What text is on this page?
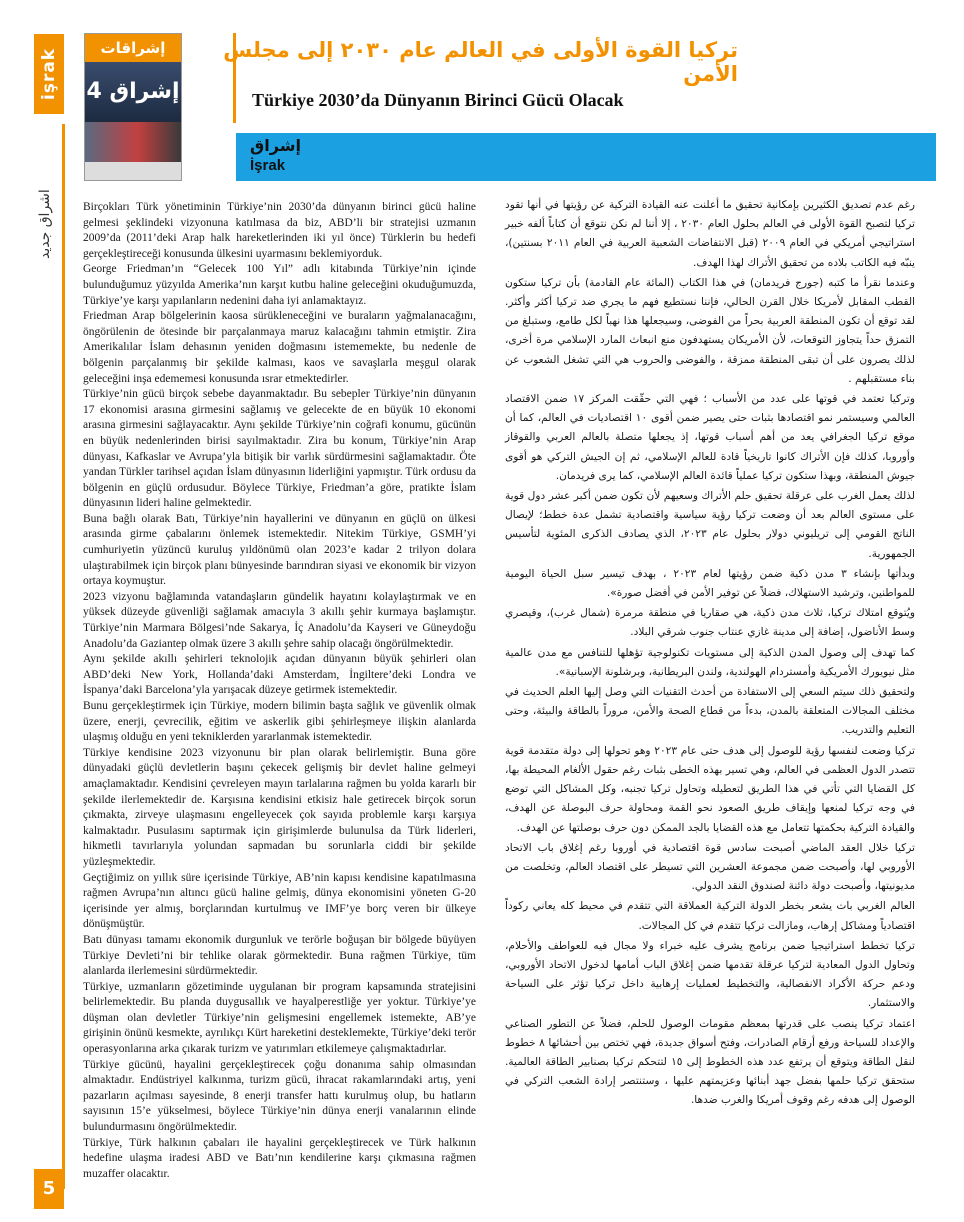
işrak
اشراق جديد
5
إشراقات
إشراق 4
تركيا القوة الأولى في العالم عام ٢٠٣٠ إلى مجلس الأمن
Türkiye 2030’da Dünyanın Birinci Gücü Olacak
إشراق
İşrak

Birçokları Türk yönetiminin Türkiye’nin 2030’da dünyanın birinci gücü haline gelmesi şeklindeki vizyonuna katılmasa da biz, ABD’li bir stratejisi uzmanın 2009’da (2011’deki Arap halk hareketlerinden iki yıl önce) Türklerin bu hedefi gerçekleştireceği konusunda ülkesini uyarmasını beklemiyorduk.

George Friedman’ın “Gelecek 100 Yıl” adlı kitabında Türkiye’nin içinde bulunduğumuz yüzyılda Amerika’nın karşıt kutbu haline geleceğini okuduğumuzda, Türkiye’ye karşı yapılanların nedenini daha iyi anlamaktayız.

Friedman Arap bölgelerinin kaosa sürükleneceğini ve buraların yağmalanacağını, öngörülenin de ötesinde bir parçalanmaya maruz kalacağını tahmin etmiştir. Zira Amerikalılar İslam dehasının yeniden doğmasını istememekte, bu nedenle de bölgenin parçalanmış bir şekilde kalması, kaos ve savaşlarla meşgul olarak geleceğini inşa edememesi konusunda ısrar etmektedirler.

Türkiye’nin gücü birçok sebebe dayanmaktadır. Bu sebepler Türkiye’nin dünyanın 17 ekonomisi arasına girmesini sağlamış ve gelecekte de en büyük 10 ekonomi arasına girmesini sağlayacaktır. Aynı şekilde Türkiye’nin coğrafi konumu, gücünün en büyük nedenlerinden birisi sayılmaktadır. Zira bu konum, Türkiye’nin Arap dünyası, Kafkaslar ve Avrupa’yla bitişik bir varlık sürdürmesini sağlamaktadır. Öte yandan Türkler tarihsel açıdan İslam dünyasının liderliğini yapmıştır. Türk ordusu da bölgenin en güçlü ordusudur. Böylece Türkiye, Friedman’a göre, pratikte İslam dünyasının lideri haline gelmektedir.

Buna bağlı olarak Batı, Türkiye’nin hayallerini ve dünyanın en güçlü on ülkesi arasında girme çabalarını önlemek istemektedir. Nitekim Türkiye, GSMH’yi cumhuriyetin yüzüncü kuruluş yıldönümü olan 2023’e kadar 2 trilyon dolara ulaştırabilmek için birçok planı bünyesinde barındıran siyasi ve ekonomik bir vizyon ortaya koymuştur.

2023 vizyonu bağlamında vatandaşların gündelik hayatını kolaylaştırmak ve en yüksek düzeyde güvenliği sağlamak amacıyla 3 akıllı şehir kurmaya başlamıştır. Türkiye’nin Marmara Bölgesi’nde Sakarya, İç Anadolu’da Kayseri ve Güneydoğu Anadolu’da Gaziantep olmak üzere 3 akıllı şehre sahip olacağı öngörülmektedir.

Aynı şekilde akıllı şehirleri teknolojik açıdan dünyanın büyük şehirleri olan ABD’deki New York, Hollanda’daki Amsterdam, İngiltere’deki Londra ve İspanya’daki Barcelona’yla yarışacak düzeye getirmek istemektedir.

Bunu gerçekleştirmek için Türkiye, modern bilimin başta sağlık ve güvenlik olmak üzere, enerji, çevrecilik, eğitim ve askerlik gibi şehirleşmeye ilişkin alanlarda ulaşmış olduğu en yeni tekniklerden yararlanmak istemektedir.

Türkiye kendisine 2023 vizyonunu bir plan olarak belirlemiştir. Buna göre dünyadaki güçlü devletlerin başını çekecek gelişmiş bir devlet haline gelmeyi amaçlamaktadır. Kendisini çevreleyen mayın tarlalarına rağmen bu yolda kararlı bir şekilde ilerlemektedir de. Karşısına kendisini etkisiz hale getirecek birçok sorun çıkmakta, zirveye ulaşmasını engelleyecek çok sayıda problemle karşı karşıya kalmaktadır. Pusulasını saptırmak için girişimlerde bulunulsa da Türk liderleri, hikmetli tavırlarıyla yolundan sapmadan bu sorunlarla ciddi bir şekilde yüzleşmektedir.

Geçtiğimiz on yıllık süre içerisinde Türkiye, AB’nin kapısı kendisine kapatılmasına rağmen Avrupa’nın altıncı gücü haline gelmiş, dünya ekonomisini yöneten G-20 içerisinde yer almış, borçlarından kurtulmuş ve IMF’ye borç veren bir ülkeye dönüşmüştür.

Batı dünyası tamamı ekonomik durgunluk ve terörle boğuşan bir bölgede büyüyen Türkiye Devleti’ni bir tehlike olarak görmektedir. Buna rağmen Türkiye, tüm alanlarda ilerlemesini sürdürmektedir.

Türkiye, uzmanların gözetiminde uygulanan bir program kapsamında stratejisini belirlemektedir. Bu planda duygusallık ve hayalperestliğe yer yoktur. Türkiye’ye düşman olan devletler Türkiye’nin gelişmesini engellemek istemekte, AB’ye girişinin önünü kesmekte, ayrılıkçı Kürt hareketini desteklemekte, Türkiye’deki terör operasyonlarına arka çıkarak turizm ve yatırımları etkilemeye çalışmaktadırlar.

Türkiye gücünü, hayalini gerçekleştirecek çoğu donanıma sahip olmasından almaktadır. Endüstriyel kalkınma, turizm gücü, ihracat rakamlarındaki artış, yeni pazarların açılması sayesinde, 8 enerji transfer hattı kurulmuş olup, bu hatların sayısının 15’e yükselmesi, böylece Türkiye’nin dünya enerji vanalarının elinde bulundurmasını öngörülmektedir.

Türkiye, Türk halkının çabaları ile hayalini gerçekleştirecek ve Türk halkının hedefine ulaşma iradesi ABD ve Batı’nın kendilerine karşı çıkmasına rağmen muzaffer olacaktır.

رغم عدم تصديق الكثيرين بإمكانية تحقيق ما أعلنت عنه القيادة التركية عن رؤيتها في أنها تقود تركيا لتصبح القوة الأولى في العالم بحلول العام ٢٠٣٠ ، إلا أننا لم نكن نتوقع أن كتاباً ألفه خبير استراتيجي أمريكي في العام ٢٠٠٩ (قبل الانتفاضات الشعبية العربية في العام ٢٠١١ بسنتين)، ينبّه فيه الكاتب بلاده من تحقيق الأتراك لهذا الهدف.

وعندما نقرأ ما كتبه (جورج فريدمان) في هذا الكتاب (المائة عام القادمة) بأن تركيا ستكون القطب المقابل لأمريكا خلال القرن الحالي، فإننا نستطيع فهم ما يجري ضد تركيا أكثر وأكثر. لقد توقع أن تكون المنطقة العربية بحراً من الفوضى، وسيجعلها هذا نهباً لكل طامع، وستبلغ من التمزق حداً يتجاوز التوقعات، لأن الأمريكان يستهدفون منع انبعاث المارد الإسلامي مرة أخرى، لذلك يصرون على أن تبقى المنطقة ممزقة ، والفوضى والحروب هي التي تشغل الشعوب عن بناء مستقبلهم .

وتركيا تعتمد في قوتها على عدد من الأسباب ؛ فهي التي حقّقت المركز ١٧ ضمن الاقتصاد العالمي وسيستمر نمو اقتصادها بثبات حتى يصير ضمن أقوى ١٠ اقتصاديات في العالم، كما أن موقع تركيا الجغرافي يعد من أهم أسباب قوتها، إذ يجعلها متصلة بالعالم العربي والقوقاز وأوروبا، كذلك فإن الأتراك كانوا تاريخياً قادة للعالم الإسلامي، ثم إن الجيش التركي هو أقوى جيوش المنطقة، وبهذا ستكون تركيا عملياً قائدة العالم الإسلامي، كما يرى فريدمان.

لذلك يعمل الغرب على عرقلة تحقيق حلم الأتراك وسعيهم لأن تكون ضمن أكبر عشر دول قوية على مستوى العالم بعد أن وضعت تركيا رؤية سياسية واقتصادية تشمل عدة خطط؛ لإيصال الناتج القومي إلى تريليوني دولار بحلول عام ٢٠٢٣، الذي يصادف الذكرى المئوية لتأسيس الجمهورية.

وبدأتها بإنشاء ٣ مدن ذكية ضمن رؤيتها لعام ٢٠٢٣ ، بهدف تيسير سبل الحياة اليومية للمواطنين، وترشيد الاستهلاك، فضلاً عن توفير الأمن في أفضل صورة».

ويُتوقع امتلاك تركيا، ثلاث مدن ذكية، هي صقاريا في منطقة مرمرة (شمال غرب)، وقيصري وسط الأناضول، إضافة إلى مدينة غازي عنتاب جنوب شرقي البلاد.

كما تهدف إلى وصول المدن الذكية إلى مستويات تكنولوجية تؤهلها للتنافس مع مدن عالمية مثل نيويورك الأمريكية وأمستردام الهولندية، ولندن البريطانية، وبرشلونة الإسبانية».

ولتحقيق ذلك سيتم السعي إلى الاستفادة من أحدث التقنيات التي وصل إليها العلم الحديث في مختلف المجالات المتعلقة بالمدن، بدءاً من قطاع الصحة والأمن، مروراً بالطاقة والبيئة، وحتى التعليم والتدريب.

تركيا وضعت لنفسها رؤية للوصول إلى هدف حتى عام ٢٠٢٣ وهو تحولها إلى دولة متقدمة قوية تتصدر الدول العظمى في العالم، وهي تسير بهذه الخطى بثبات رغم حقول الألغام المحيطة بها، كل القضايا التي تأتي في هذا الطريق لتعطيله وتحاول تركيا تجنبه، وكل المشاكل التي توضع في وجه تركيا لمنعها وإيقاف طريق الصعود نحو القمة ومحاولة حرف البوصلة عن الهدف، والقيادة التركية بحكمتها تتعامل مع هذه القضايا بالجد الممكن دون حرف بوصلتها عن الهدف.

تركيا خلال العقد الماضي أصبحت سادس قوة اقتصادية في أوروبا رغم إغلاق باب الاتحاد الأوروبي لها، وأصبحت ضمن مجموعة العشرين التي تسيطر على اقتصاد العالم، وتخلصت من مديونيتها، وأصبحت دولة دائنة لصندوق النقد الدولي.

العالم الغربي بات يشعر بخطر الدولة التركية العملاقة التي تتقدم في محيط كله يعاني ركوداً اقتصادياً ومشاكل إرهاب، ومازالت تركيا تتقدم في كل المجالات.

تركيا تخطط استراتيجيا ضمن برنامج يشرف عليه خبراء ولا مجال فيه للعواطف والأحلام، وتحاول الدول المعادية لتركيا عرقلة تقدمها ضمن إغلاق الباب أمامها لدخول الاتحاد الأوروبي، ودعم حركة الأكراد الانفصالية، والتخطيط لعمليات إرهابية داخل تركيا تؤثر على السياحة والاستثمار.

اعتماد تركيا ينصب على قدرتها بمعظم مقومات الوصول للحلم، فضلاً عن التطور الصناعي والإعداد للسياحة ورفع أرقام الصادرات، وفتح أسواق جديدة، فهي تختص بين أحشائها ٨ خطوط لنقل الطاقة ويتوقع أن يرتفع عدد هذه الخطوط إلى ١٥ لتتحكم تركيا بصنابير الطاقة العالمية. ستحقق تركيا حلمها بفضل جهد أبنائها وعزيمتهم عليها ، وستنتصر إرادة الشعب التركي في الوصول إلى هدفه رغم وقوف أمريكا والغرب ضدها.
